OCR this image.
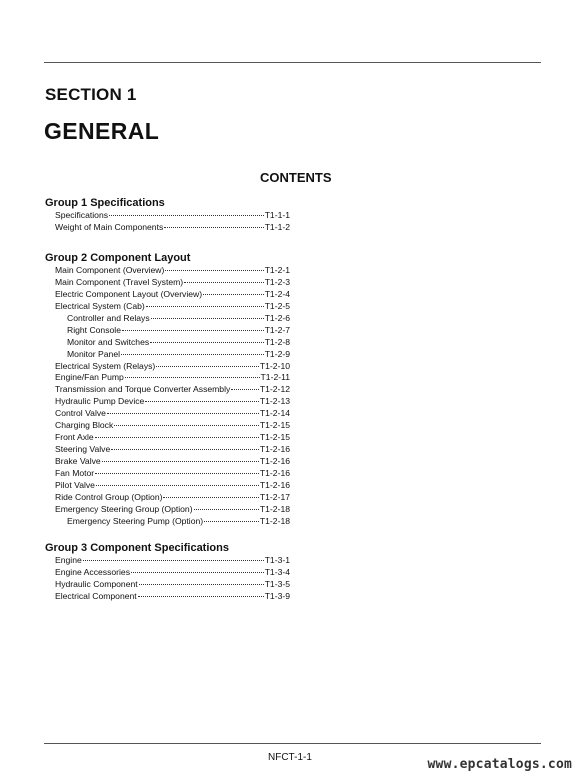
SECTION 1
GENERAL
CONTENTS
Group 1 Specifications
Specifications	T1-1-1
Weight of Main Components	T1-1-2
Group 2 Component Layout
Main Component (Overview)	T1-2-1
Main Component (Travel System)	T1-2-3
Electric Component Layout (Overview)	T1-2-4
Electrical System (Cab)	T1-2-5
Controller and Relays	T1-2-6
Right Console	T1-2-7
Monitor and Switches	T1-2-8
Monitor Panel	T1-2-9
Electrical System (Relays)	T1-2-10
Engine/Fan Pump	T1-2-11
Transmission and Torque Converter Assembly	T1-2-12
Hydraulic Pump Device	T1-2-13
Control Valve	T1-2-14
Charging Block	T1-2-15
Front Axle	T1-2-15
Steering Valve	T1-2-16
Brake Valve	T1-2-16
Fan Motor	T1-2-16
Pilot Valve	T1-2-16
Ride Control Group (Option)	T1-2-17
Emergency Steering Group (Option)	T1-2-18
Emergency Steering Pump (Option)	T1-2-18
Group 3 Component Specifications
Engine	T1-3-1
Engine Accessories	T1-3-4
Hydraulic Component	T1-3-5
Electrical Component	T1-3-9
NFCT-1-1	www.epcatalogs.com
